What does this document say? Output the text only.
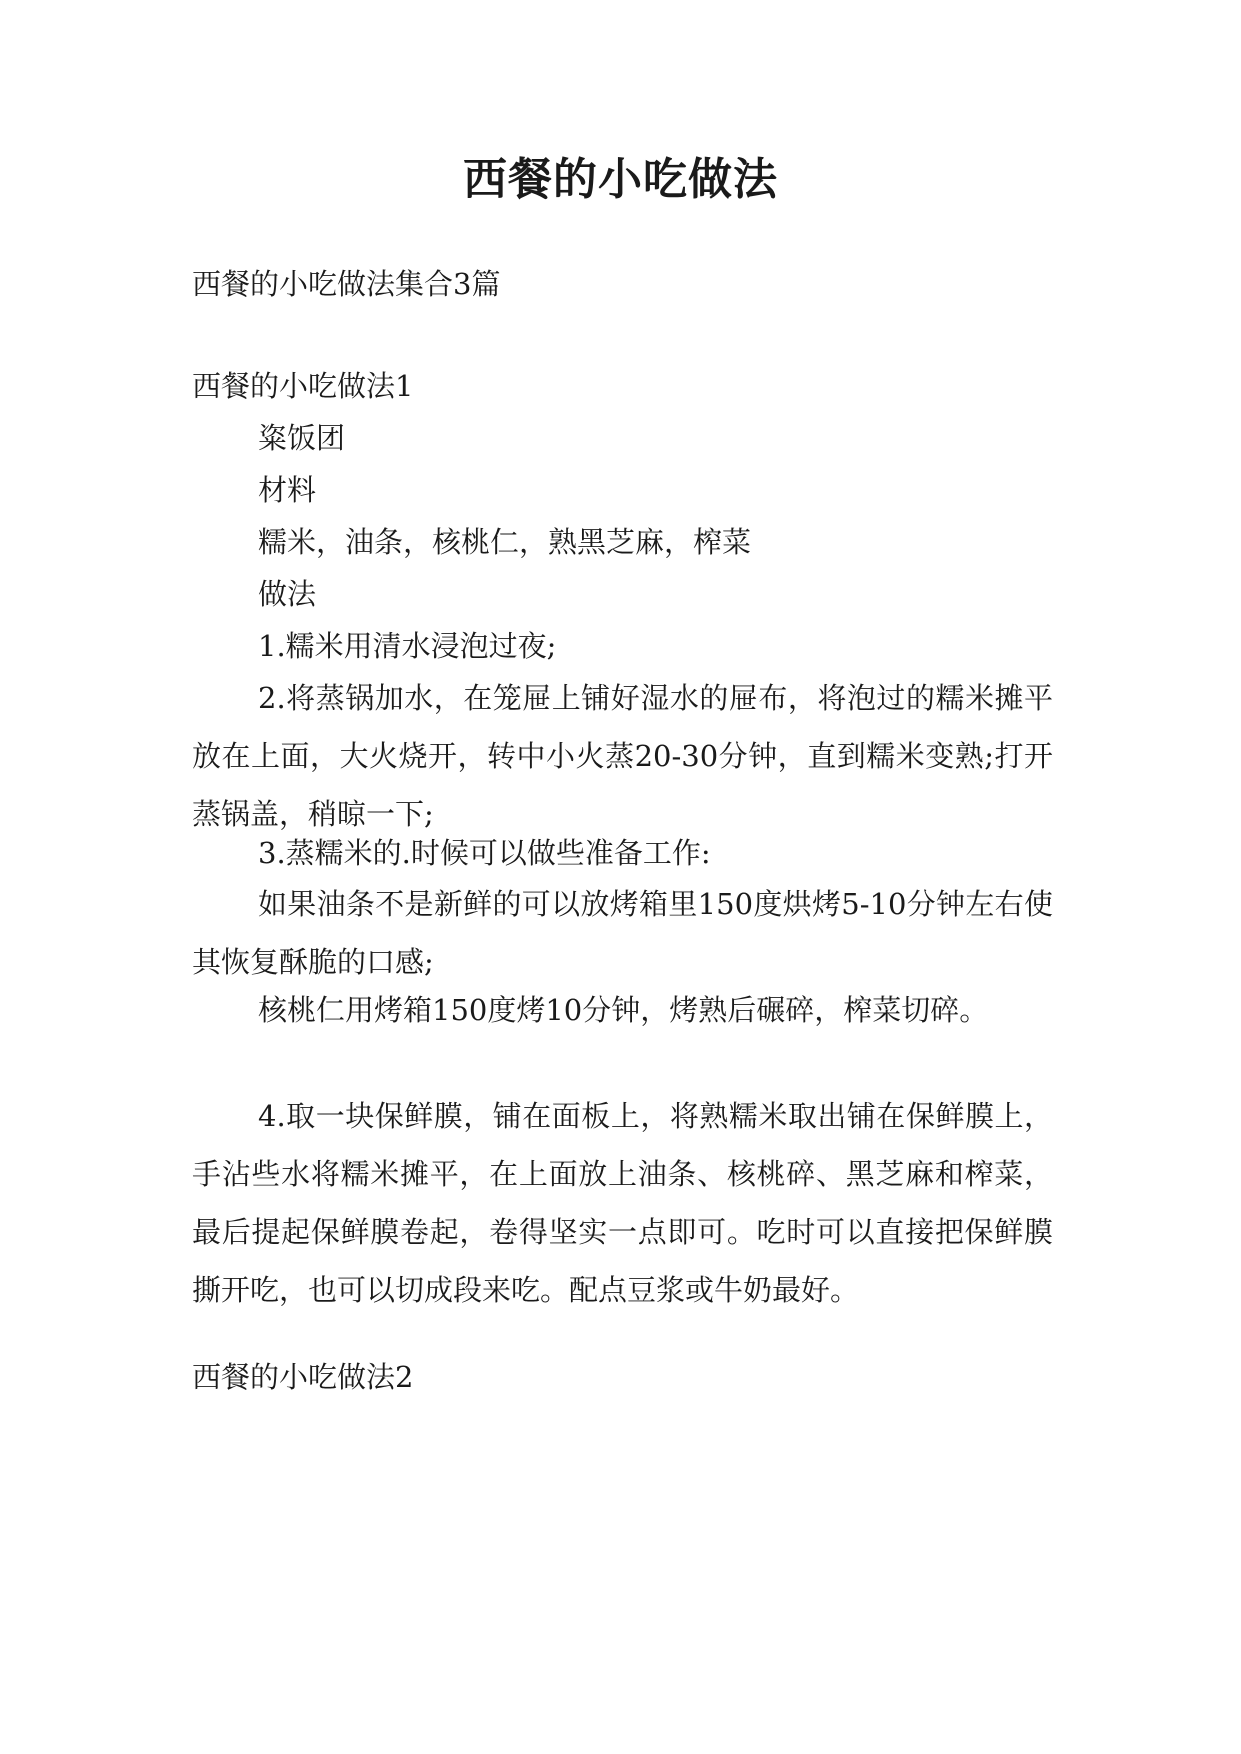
西餐的小吃做法
西餐的小吃做法集合3篇
西餐的小吃做法1
粢饭团
材料
糯米，油条，核桃仁，熟黑芝麻，榨菜
做法
1.糯米用清水浸泡过夜;
2.将蒸锅加水，在笼屉上铺好湿水的屉布，将泡过的糯米摊平放在上面，大火烧开，转中小火蒸20-30分钟，直到糯米变熟;打开蒸锅盖，稍晾一下;
3.蒸糯米的.时候可以做些准备工作:
如果油条不是新鲜的可以放烤箱里150度烘烤5-10分钟左右使其恢复酥脆的口感;
核桃仁用烤箱150度烤10分钟，烤熟后碾碎，榨菜切碎。
4.取一块保鲜膜，铺在面板上，将熟糯米取出铺在保鲜膜上，手沾些水将糯米摊平，在上面放上油条、核桃碎、黑芝麻和榨菜，最后提起保鲜膜卷起，卷得坚实一点即可。吃时可以直接把保鲜膜撕开吃，也可以切成段来吃。配点豆浆或牛奶最好。
西餐的小吃做法2
